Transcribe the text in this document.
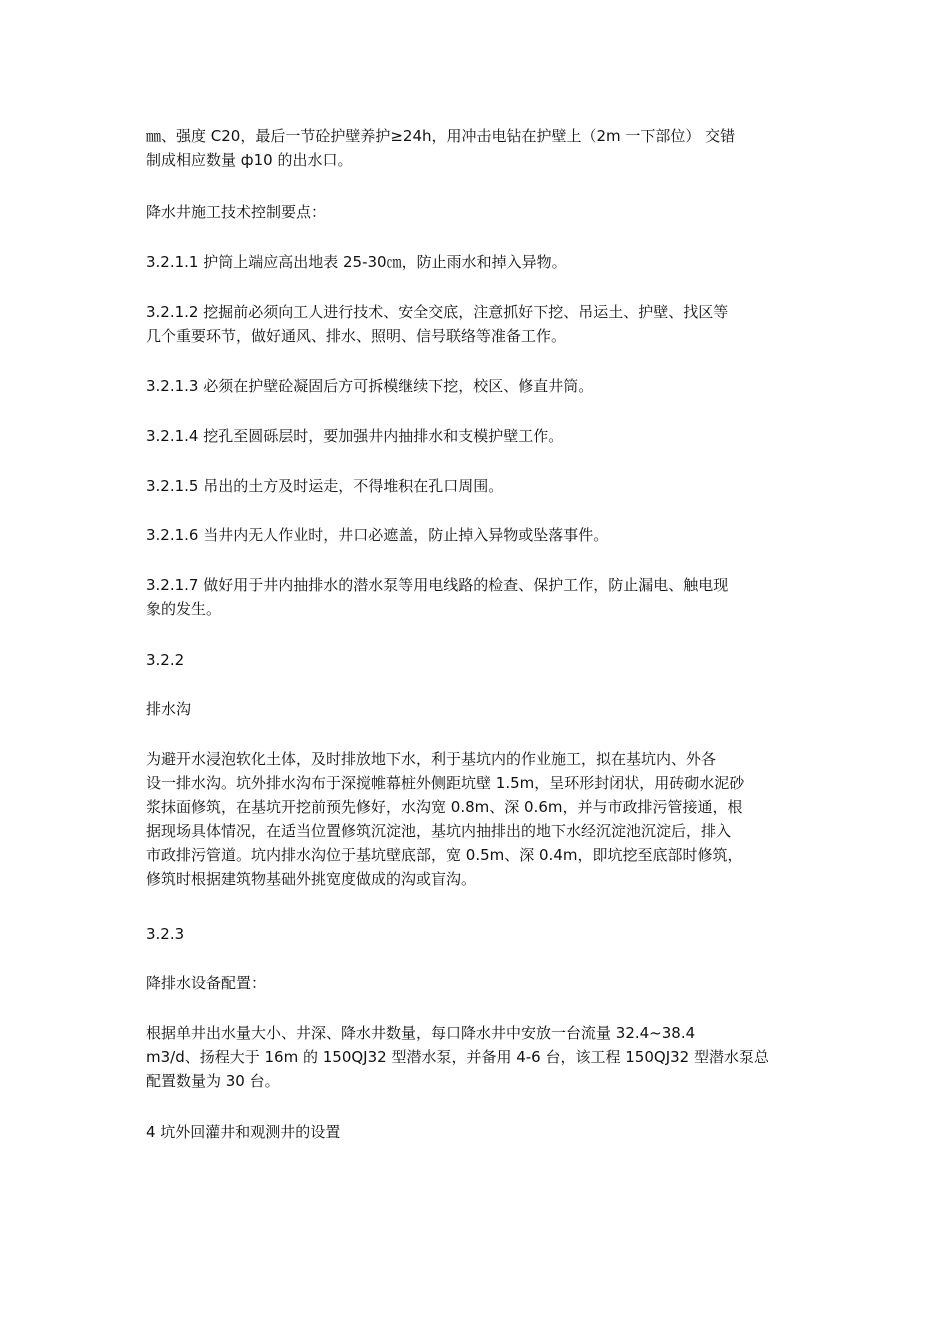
㎜、强度 C20，最后一节砼护壁养护≥24h，用冲击电钻在护壁上（2m 一下部位） 交错
制成相应数量 ф10 的出水口。
降水井施工技术控制要点：
3.2.1.1 护筒上端应高出地表 25-30㎝，防止雨水和掉入异物。
3.2.1.2 挖掘前必须向工人进行技术、安全交底，注意抓好下挖、吊运土、护壁、找区等
几个重要环节，做好通风、排水、照明、信号联络等准备工作。
3.2.1.3 必须在护壁砼凝固后方可拆模继续下挖，校区、修直井筒。
3.2.1.4 挖孔至圆砾层时，要加强井内抽排水和支模护壁工作。
3.2.1.5 吊出的土方及时运走，不得堆积在孔口周围。
3.2.1.6 当井内无人作业时，井口必遮盖，防止掉入异物或坠落事件。
3.2.1.7 做好用于井内抽排水的潜水泵等用电线路的检查、保护工作，防止漏电、触电现
象的发生。
3.2.2
排水沟
为避开水浸泡软化土体，及时排放地下水，利于基坑内的作业施工，拟在基坑内、外各
设一排水沟。坑外排水沟布于深搅帷幕桩外侧距坑壁 1.5m，呈环形封闭状，用砖砌水泥砂
浆抹面修筑，在基坑开挖前预先修好，水沟宽 0.8m、深 0.6m，并与市政排污管接通，根
据现场具体情况，在适当位置修筑沉淀池，基坑内抽排出的地下水经沉淀池沉淀后，排入
市政排污管道。坑内排水沟位于基坑壁底部，宽 0.5m、深 0.4m，即坑挖至底部时修筑，
修筑时根据建筑物基础外挑宽度做成的沟或盲沟。
3.2.3
降排水设备配置：
根据单井出水量大小、井深、降水井数量，每口降水井中安放一台流量 32.4~38.4
m3/d、扬程大于 16m 的 150QJ32 型潜水泵，并备用 4-6 台，该工程 150QJ32 型潜水泵总
配置数量为 30 台。
4 坑外回灌井和观测井的设置
